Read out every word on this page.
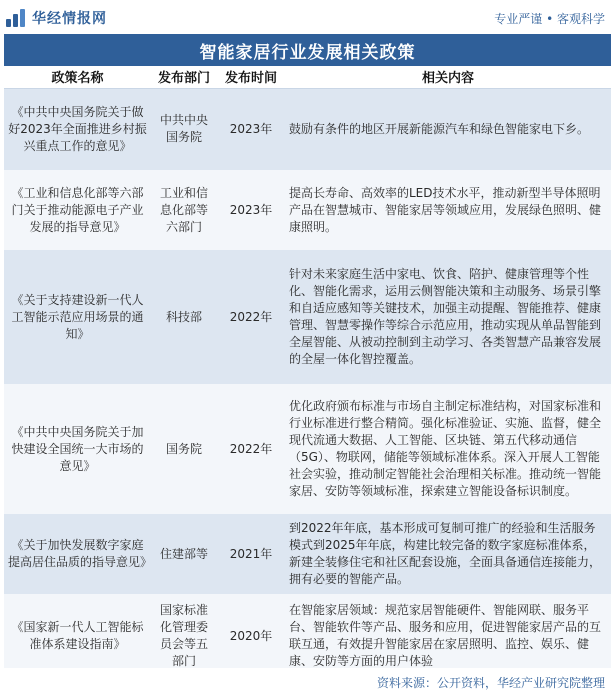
华经情报网	专业严谨 • 客观科学
智能家居行业发展相关政策
政策名称	发布部门	发布时间	相关内容
《中共中央国务院关于做好2023年全面推进乡村振兴重点工作的意见》	中共中央国务院	2023年	鼓励有条件的地区开展新能源汽车和绿色智能家电下乡。
《工业和信息化部等六部门关于推动能源电子产业发展的指导意见》	工业和信息化部等六部门	2023年	提高长寿命、高效率的LED技术水平，推动新型半导体照明产品在智慧城市、智能家居等领域应用，发展绿色照明、健康照明。
《关于支持建设新一代人工智能示范应用场景的通知》	科技部	2022年	针对未来家庭生活中家电、饮食、陪护、健康管理等个性化、智能化需求，运用云侧智能决策和主动服务、场景引擎和自适应感知等关键技术，加强主动提醒、智能推荐、健康管理、智慧零操作等综合示范应用，推动实现从单品智能到全屋智能、从被动控制到主动学习、各类智慧产品兼容发展的全屋一体化智控覆盖。
《中共中央国务院关于加快建设全国统一大市场的意见》	国务院	2022年	优化政府颁布标准与市场自主制定标准结构，对国家标准和行业标准进行整合精简。强化标准验证、实施、监督，健全现代流通大数据、人工智能、区块链、第五代移动通信（5G）、物联网，储能等领域标准体系。深入开展人工智能社会实验，推动制定智能社会治理相关标准。推动统一智能家居、安防等领域标准，探索建立智能设备标识制度。
《关于加快发展数字家庭提高居住品质的指导意见》	住建部等	2021年	到2022年年底，基本形成可复制可推广的经验和生活服务模式到2025年年底，构建比较完备的数字家庭标准体系，新建全装修住宅和社区配套设施，全面具备通信连接能力，拥有必要的智能产品。
《国家新一代人工智能标准体系建设指南》	国家标准化管理委员会等五部门	2020年	在智能家居领域：规范家居智能硬件、智能网联、服务平台、智能软件等产品、服务和应用，促进智能家居产品的互联互通，有效提升智能家居在家居照明、监控、娱乐、健康、安防等方面的用户体验
资料来源：公开资料，华经产业研究院整理
